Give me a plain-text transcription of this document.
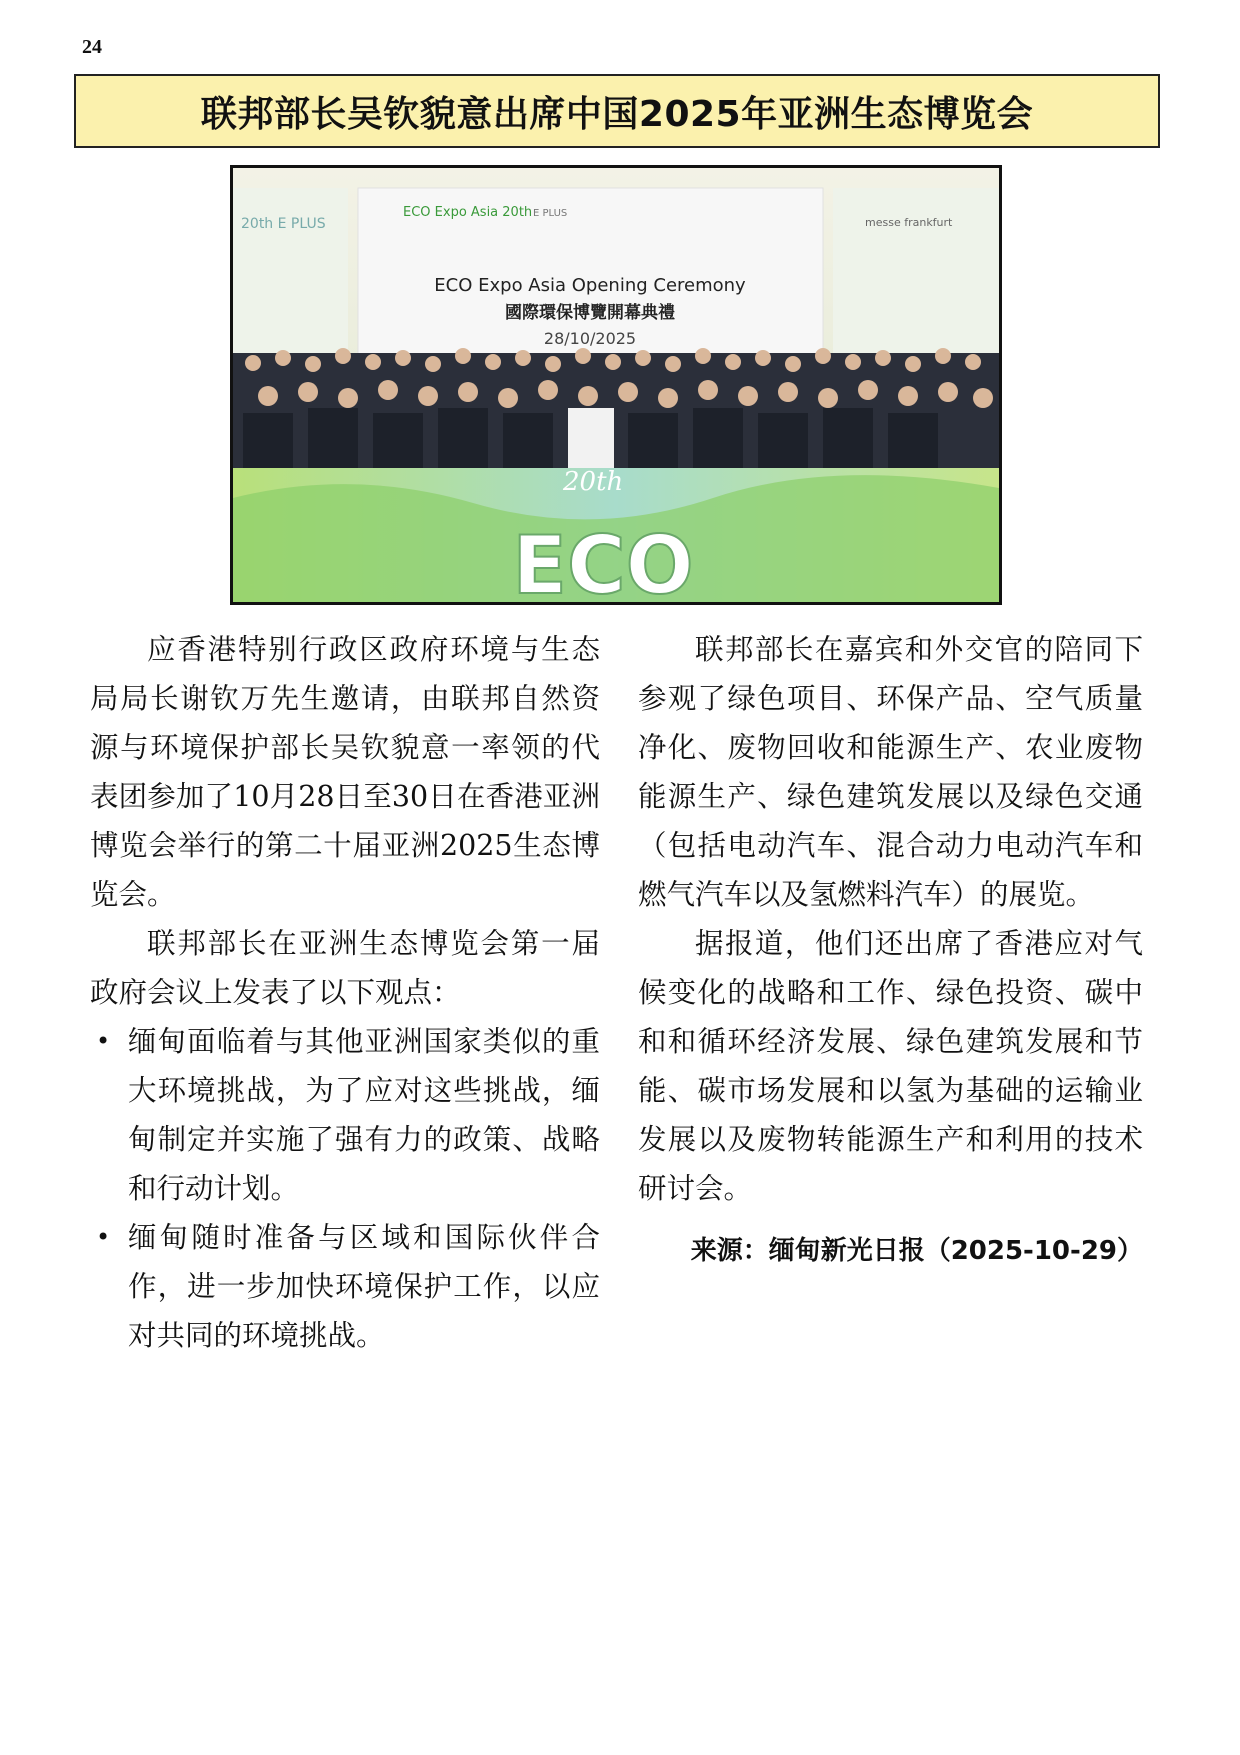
24
联邦部长吴钦貌意出席中国2025年亚洲生态博览会
ECO Expo Asia 20th E PLUS
20th E PLUS	messe frankfurt
ECO Expo Asia Opening Ceremony
國際環保博覽開幕典禮
28/10/2025
ECO
20th

应香港特别行政区政府环境与生态局局长谢钦万先生邀请，由联邦自然资源与环境保护部长吴钦貌意一率领的代表团参加了10月28日至30日在香港亚洲博览会举行的第二十届亚洲2025生态博览会。

联邦部长在亚洲生态博览会第一届政府会议上发表了以下观点：

• 缅甸面临着与其他亚洲国家类似的重大环境挑战，为了应对这些挑战，缅甸制定并实施了强有力的政策、战略和行动计划。
• 缅甸随时准备与区域和国际伙伴合作，进一步加快环境保护工作，以应对共同的环境挑战。

联邦部长在嘉宾和外交官的陪同下参观了绿色项目、环保产品、空气质量净化、废物回收和能源生产、农业废物能源生产、绿色建筑发展以及绿色交通（包括电动汽车、混合动力电动汽车和燃气汽车以及氢燃料汽车）的展览。

据报道，他们还出席了香港应对气候变化的战略和工作、绿色投资、碳中和和循环经济发展、绿色建筑发展和节能、碳市场发展和以氢为基础的运输业发展以及废物转能源生产和利用的技术研讨会。

来源：缅甸新光日报（2025-10-29）
